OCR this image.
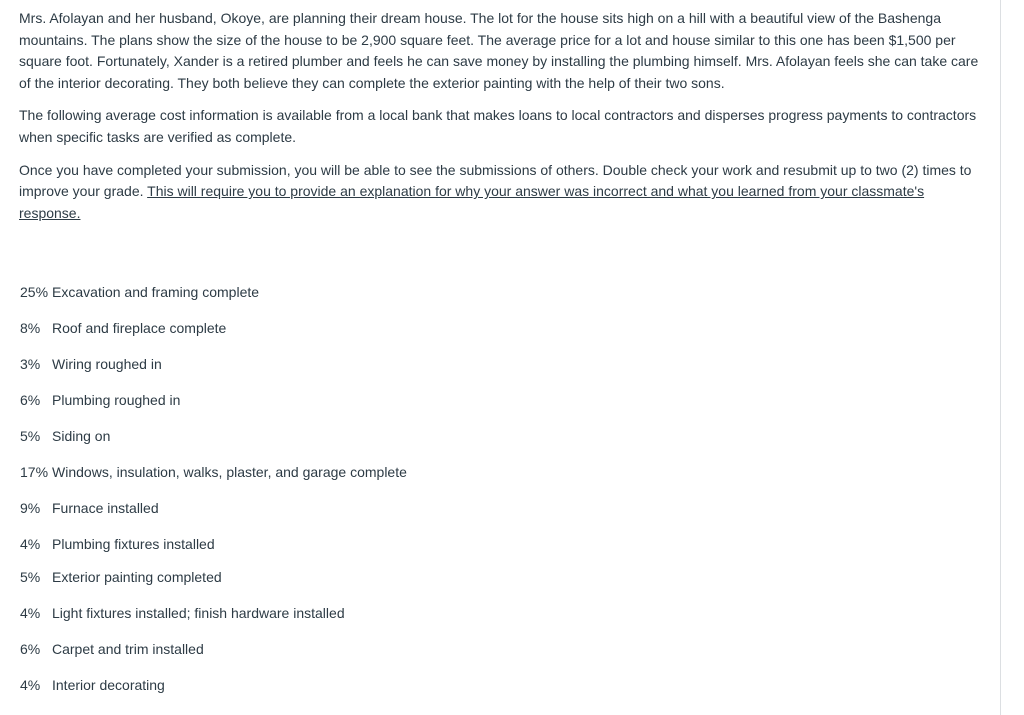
Mrs. Afolayan and her husband, Okoye, are planning their dream house. The lot for the house sits high on a hill with a beautiful view of the Bashenga mountains. The plans show the size of the house to be 2,900 square feet. The average price for a lot and house similar to this one has been $1,500 per square foot. Fortunately, Xander is a retired plumber and feels he can save money by installing the plumbing himself. Mrs. Afolayan feels she can take care of the interior decorating. They both believe they can complete the exterior painting with the help of their two sons.

The following average cost information is available from a local bank that makes loans to local contractors and disperses progress payments to contractors when specific tasks are verified as complete.

Once you have completed your submission, you will be able to see the submissions of others. Double check your work and resubmit up to two (2) times to improve your grade. This will require you to provide an explanation for why your answer was incorrect and what you learned from your classmate's response.

25% Excavation and framing complete
8% Roof and fireplace complete
3% Wiring roughed in
6% Plumbing roughed in
5% Siding on
17% Windows, insulation, walks, plaster, and garage complete
9% Furnace installed
4% Plumbing fixtures installed
5% Exterior painting completed
4% Light fixtures installed; finish hardware installed
6% Carpet and trim installed
4% Interior decorating
